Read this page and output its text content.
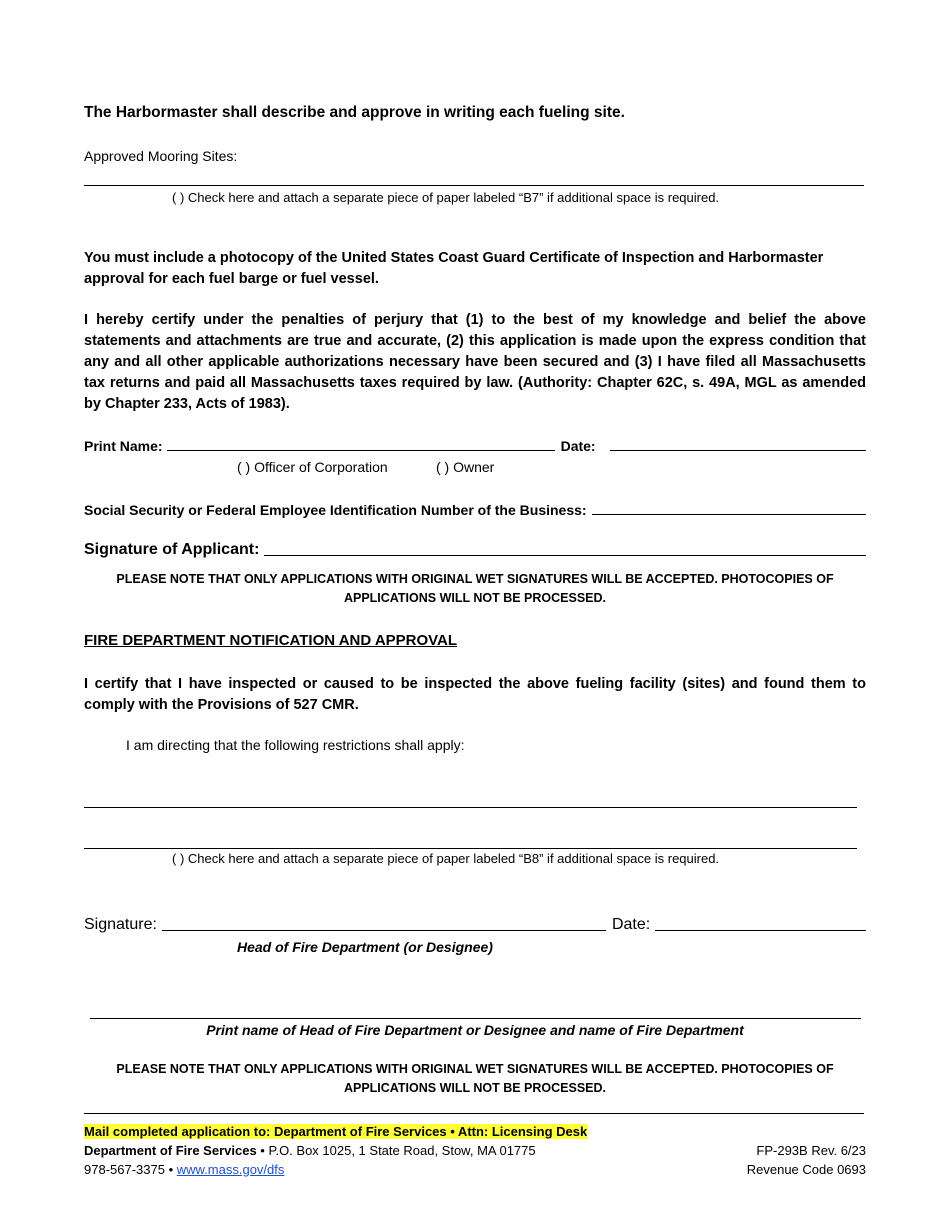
The Harbormaster shall describe and approve in writing each fueling site.
Approved Mooring Sites:
( ) Check here and attach a separate piece of paper labeled “B7” if additional space is required.
You must include a photocopy of the United States Coast Guard Certificate of Inspection and Harbormaster approval for each fuel barge or fuel vessel.
I hereby certify under the penalties of perjury that (1) to the best of my knowledge and belief the above statements and attachments are true and accurate, (2) this application is made upon the express condition that any and all other applicable authorizations necessary have been secured and (3) I have filed all Massachusetts tax returns and paid all Massachusetts taxes required by law. (Authority: Chapter 62C, s. 49A, MGL as amended by Chapter 233, Acts of 1983).
Print Name:	Date:
( ) Officer of Corporation	( ) Owner
Social Security or Federal Employee Identification Number of the Business:
Signature of Applicant:
PLEASE NOTE THAT ONLY APPLICATIONS WITH ORIGINAL WET SIGNATURES WILL BE ACCEPTED. PHOTOCOPIES OF APPLICATIONS WILL NOT BE PROCESSED.
FIRE DEPARTMENT NOTIFICATION AND APPROVAL
I certify that I have inspected or caused to be inspected the above fueling facility (sites) and found them to comply with the Provisions of 527 CMR.
I am directing that the following restrictions shall apply:
( ) Check here and attach a separate piece of paper labeled “B8” if additional space is required.
Signature:	Date:
Head of Fire Department (or Designee)
Print name of Head of Fire Department or Designee and name of Fire Department
PLEASE NOTE THAT ONLY APPLICATIONS WITH ORIGINAL WET SIGNATURES WILL BE ACCEPTED. PHOTOCOPIES OF APPLICATIONS WILL NOT BE PROCESSED.
Mail completed application to: Department of Fire Services • Attn: Licensing Desk
Department of Fire Services • P.O. Box 1025, 1 State Road, Stow, MA 01775
978-567-3375 • www.mass.gov/dfs
FP-293B Rev. 6/23
Revenue Code 0693
